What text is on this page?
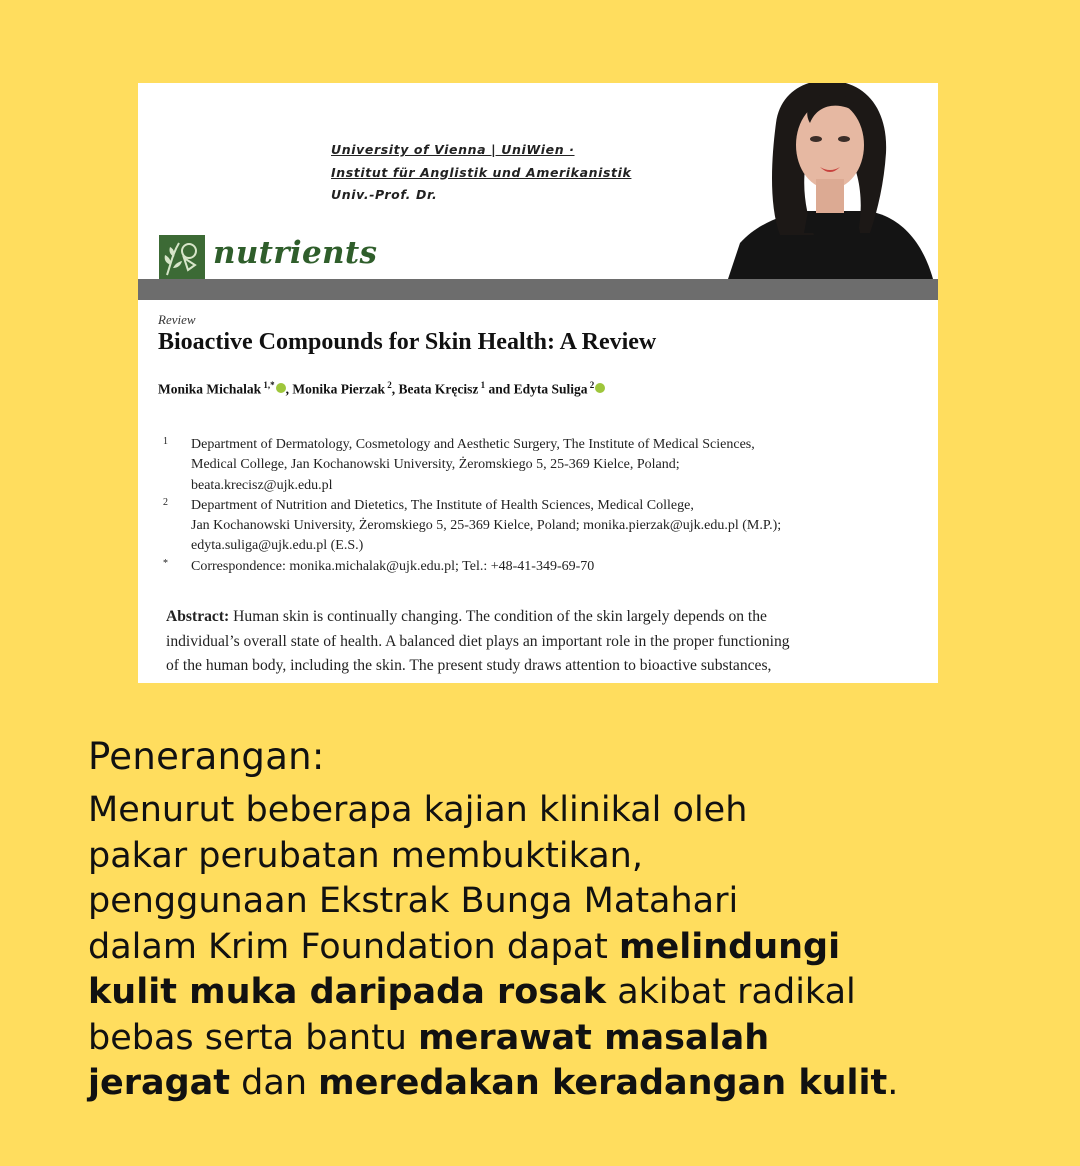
University of Vienna | UniWien ·
Institut für Anglistik und Amerikanistik
Univ.-Prof. Dr.
nutrients
Review
Bioactive Compounds for Skin Health: A Review
Monika Michalak $^{1,*}$ , Monika Pierzak $^2$, Beata Kręcisz $^1$ and Edyta Suliga $^2$
1	Department of Dermatology, Cosmetology and Aesthetic Surgery, The Institute of Medical Sciences,
Medical College, Jan Kochanowski University, Żeromskiego 5, 25-369 Kielce, Poland;
beata.krecisz@ujk.edu.pl
2	Department of Nutrition and Dietetics, The Institute of Health Sciences, Medical College,
Jan Kochanowski University, Żeromskiego 5, 25-369 Kielce, Poland; monika.pierzak@ujk.edu.pl (M.P.);
edyta.suliga@ujk.edu.pl (E.S.)
*	Correspondence: monika.michalak@ujk.edu.pl; Tel.: +48-41-349-69-70
Abstract: Human skin is continually changing. The condition of the skin largely depends on the
individual’s overall state of health. A balanced diet plays an important role in the proper functioning
of the human body, including the skin. The present study draws attention to bioactive substances,
Penerangan:
Menurut beberapa kajian klinikal oleh
pakar perubatan membuktikan,
penggunaan Ekstrak Bunga Matahari
dalam Krim Foundation dapat melindungi
kulit muka daripada rosak akibat radikal
bebas serta bantu merawat masalah
jeragat dan meredakan keradangan kulit.
